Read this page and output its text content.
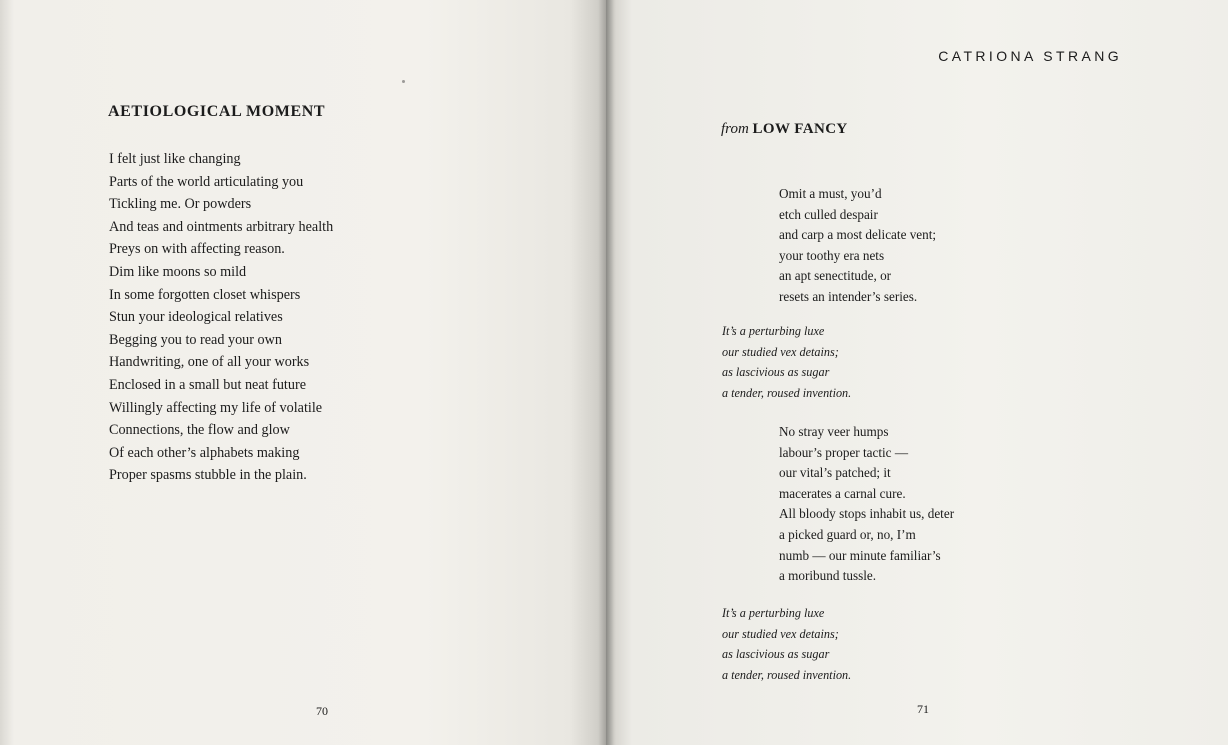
AETIOLOGICAL MOMENT
I felt just like changing
Parts of the world articulating you
Tickling me. Or powders
And teas and ointments arbitrary health
Preys on with affecting reason.
Dim like moons so mild
In some forgotten closet whispers
Stun your ideological relatives
Begging you to read your own
Handwriting, one of all your works
Enclosed in a small but neat future
Willingly affecting my life of volatile
Connections, the flow and glow
Of each other’s alphabets making
Proper spasms stubble in the plain.
70
CATRIONA STRANG
from LOW FANCY
Omit a must, you’d
etch culled despair
and carp a most delicate vent;
your toothy era nets
an apt senectitude, or
resets an intender’s series.
It’s a perturbing luxe
our studied vex detains;
as lascivious as sugar
a tender, roused invention.
No stray veer humps
labour’s proper tactic —
our vital’s patched; it
macerates a carnal cure.
All bloody stops inhabit us, deter
a picked guard or, no, I’m
numb — our minute familiar’s
a moribund tussle.
It’s a perturbing luxe
our studied vex detains;
as lascivious as sugar
a tender, roused invention.
71
